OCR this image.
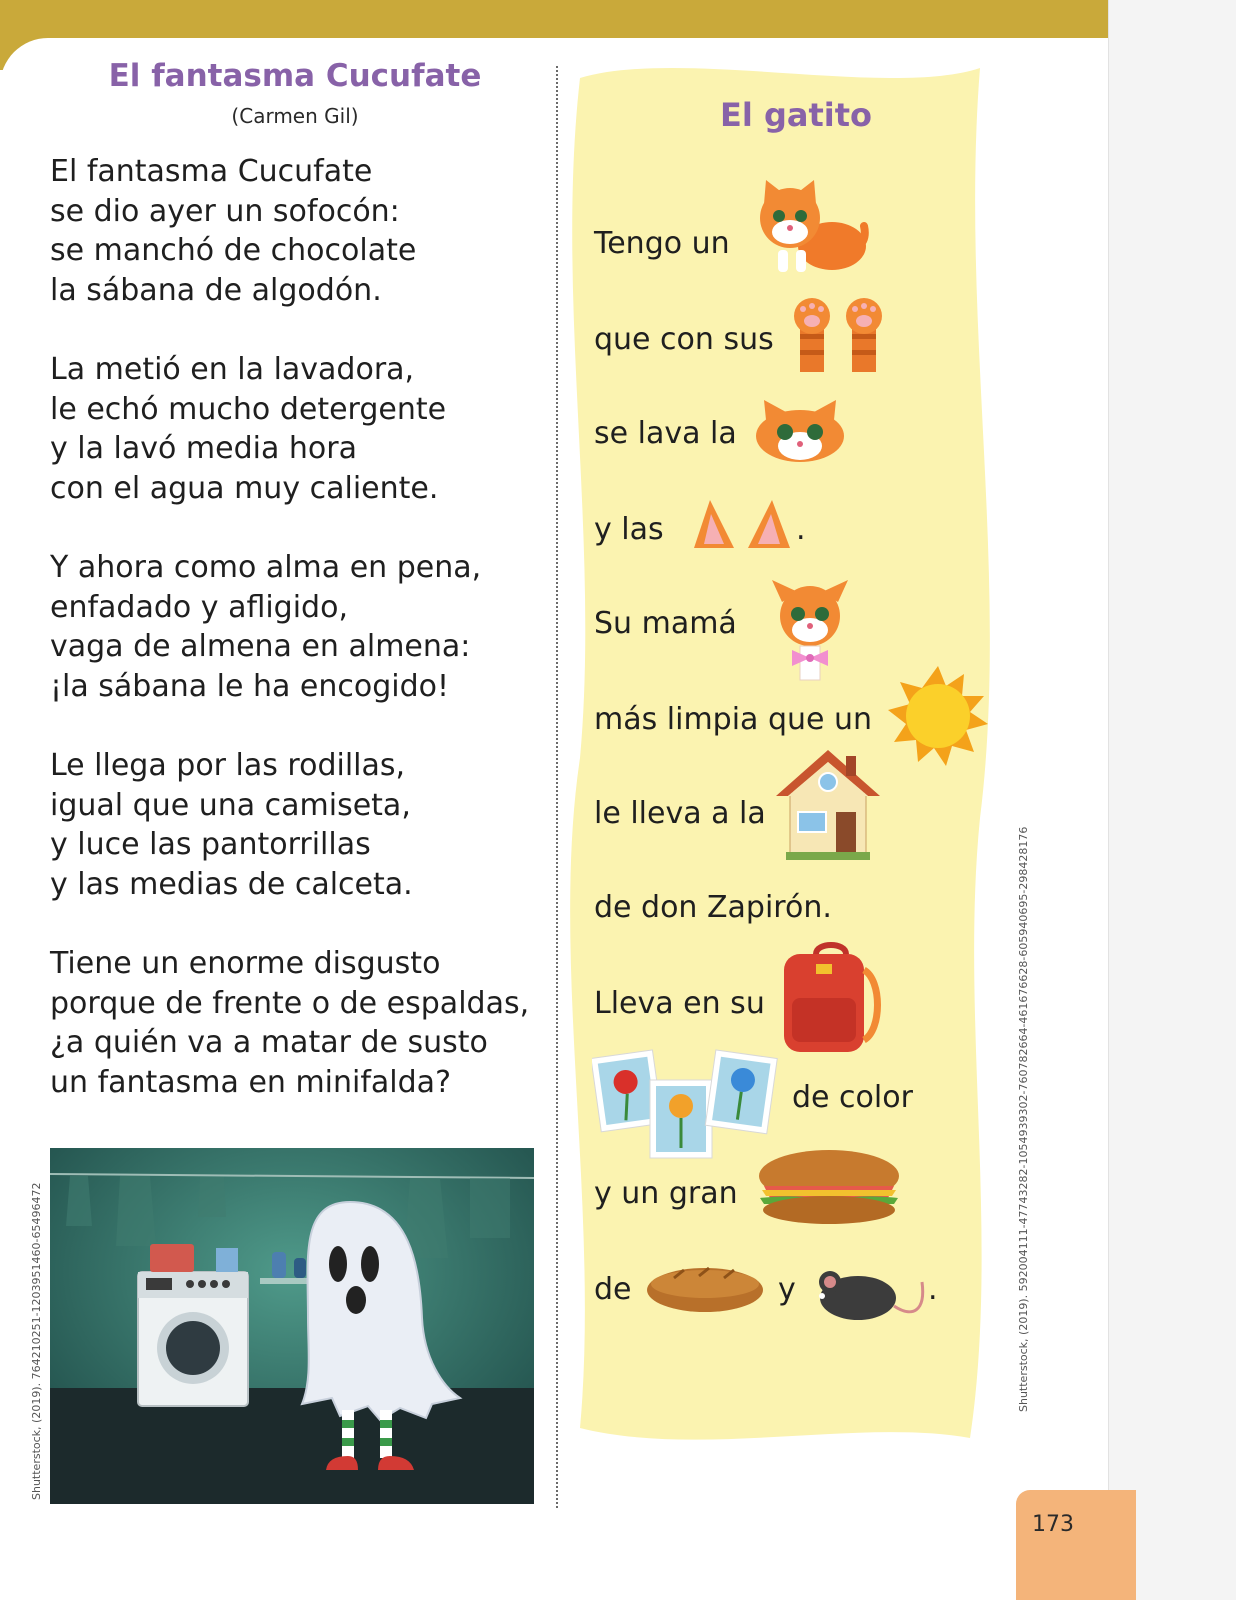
El fantasma Cucufate
(Carmen Gil)
El fantasma Cucufate
se dio ayer un sofocón:
se manchó de chocolate
la sábana de algodón.
La metió en la lavadora,
le echó mucho detergente
y la lavó media hora
con el agua muy caliente.
Y ahora como alma en pena,
enfadado y afligido,
vaga de almena en almena:
¡la sábana le ha encogido!
Le llega por las rodillas,
igual que una camiseta,
y luce las pantorrillas
y las medias de calceta.
Tiene un enorme disgusto
porque de frente o de espaldas,
¿a quién va a matar de susto
un fantasma en minifalda?
Shutterstock, (2019). 764210251-1203951460-65496472
El gatito
Tengo un
que con sus
se lava la
y las	.
Su mamá
más limpia que un
le lleva a la
de don Zapirón.
Lleva en su
de color
y un gran
de	y	.	Shutterstock, (2019). 592004111-47743282-1054939302-760782664-461676628-605940695-298428176
173
